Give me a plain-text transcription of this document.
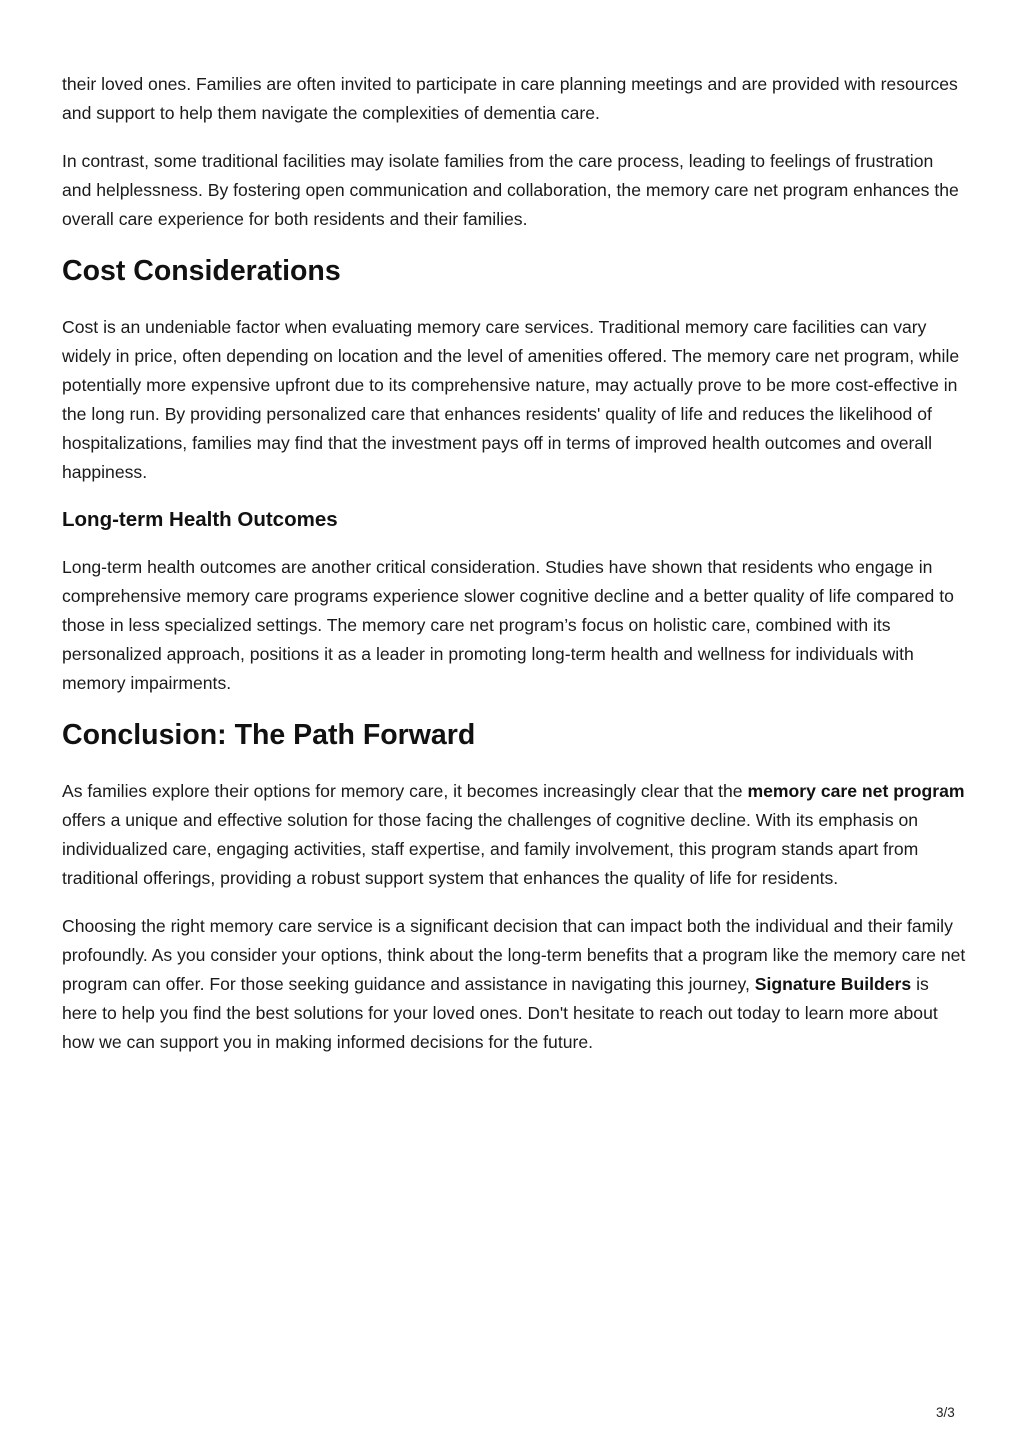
their loved ones. Families are often invited to participate in care planning meetings and are provided with resources and support to help them navigate the complexities of dementia care.

In contrast, some traditional facilities may isolate families from the care process, leading to feelings of frustration and helplessness. By fostering open communication and collaboration, the memory care net program enhances the overall care experience for both residents and their families.

Cost Considerations

Cost is an undeniable factor when evaluating memory care services. Traditional memory care facilities can vary widely in price, often depending on location and the level of amenities offered. The memory care net program, while potentially more expensive upfront due to its comprehensive nature, may actually prove to be more cost-effective in the long run. By providing personalized care that enhances residents' quality of life and reduces the likelihood of hospitalizations, families may find that the investment pays off in terms of improved health outcomes and overall happiness.

Long-term Health Outcomes

Long-term health outcomes are another critical consideration. Studies have shown that residents who engage in comprehensive memory care programs experience slower cognitive decline and a better quality of life compared to those in less specialized settings. The memory care net program’s focus on holistic care, combined with its personalized approach, positions it as a leader in promoting long-term health and wellness for individuals with memory impairments.

Conclusion: The Path Forward

As families explore their options for memory care, it becomes increasingly clear that the memory care net program offers a unique and effective solution for those facing the challenges of cognitive decline. With its emphasis on individualized care, engaging activities, staff expertise, and family involvement, this program stands apart from traditional offerings, providing a robust support system that enhances the quality of life for residents.

Choosing the right memory care service is a significant decision that can impact both the individual and their family profoundly. As you consider your options, think about the long-term benefits that a program like the memory care net program can offer. For those seeking guidance and assistance in navigating this journey, Signature Builders is here to help you find the best solutions for your loved ones. Don't hesitate to reach out today to learn more about how we can support you in making informed decisions for the future.

3/3
